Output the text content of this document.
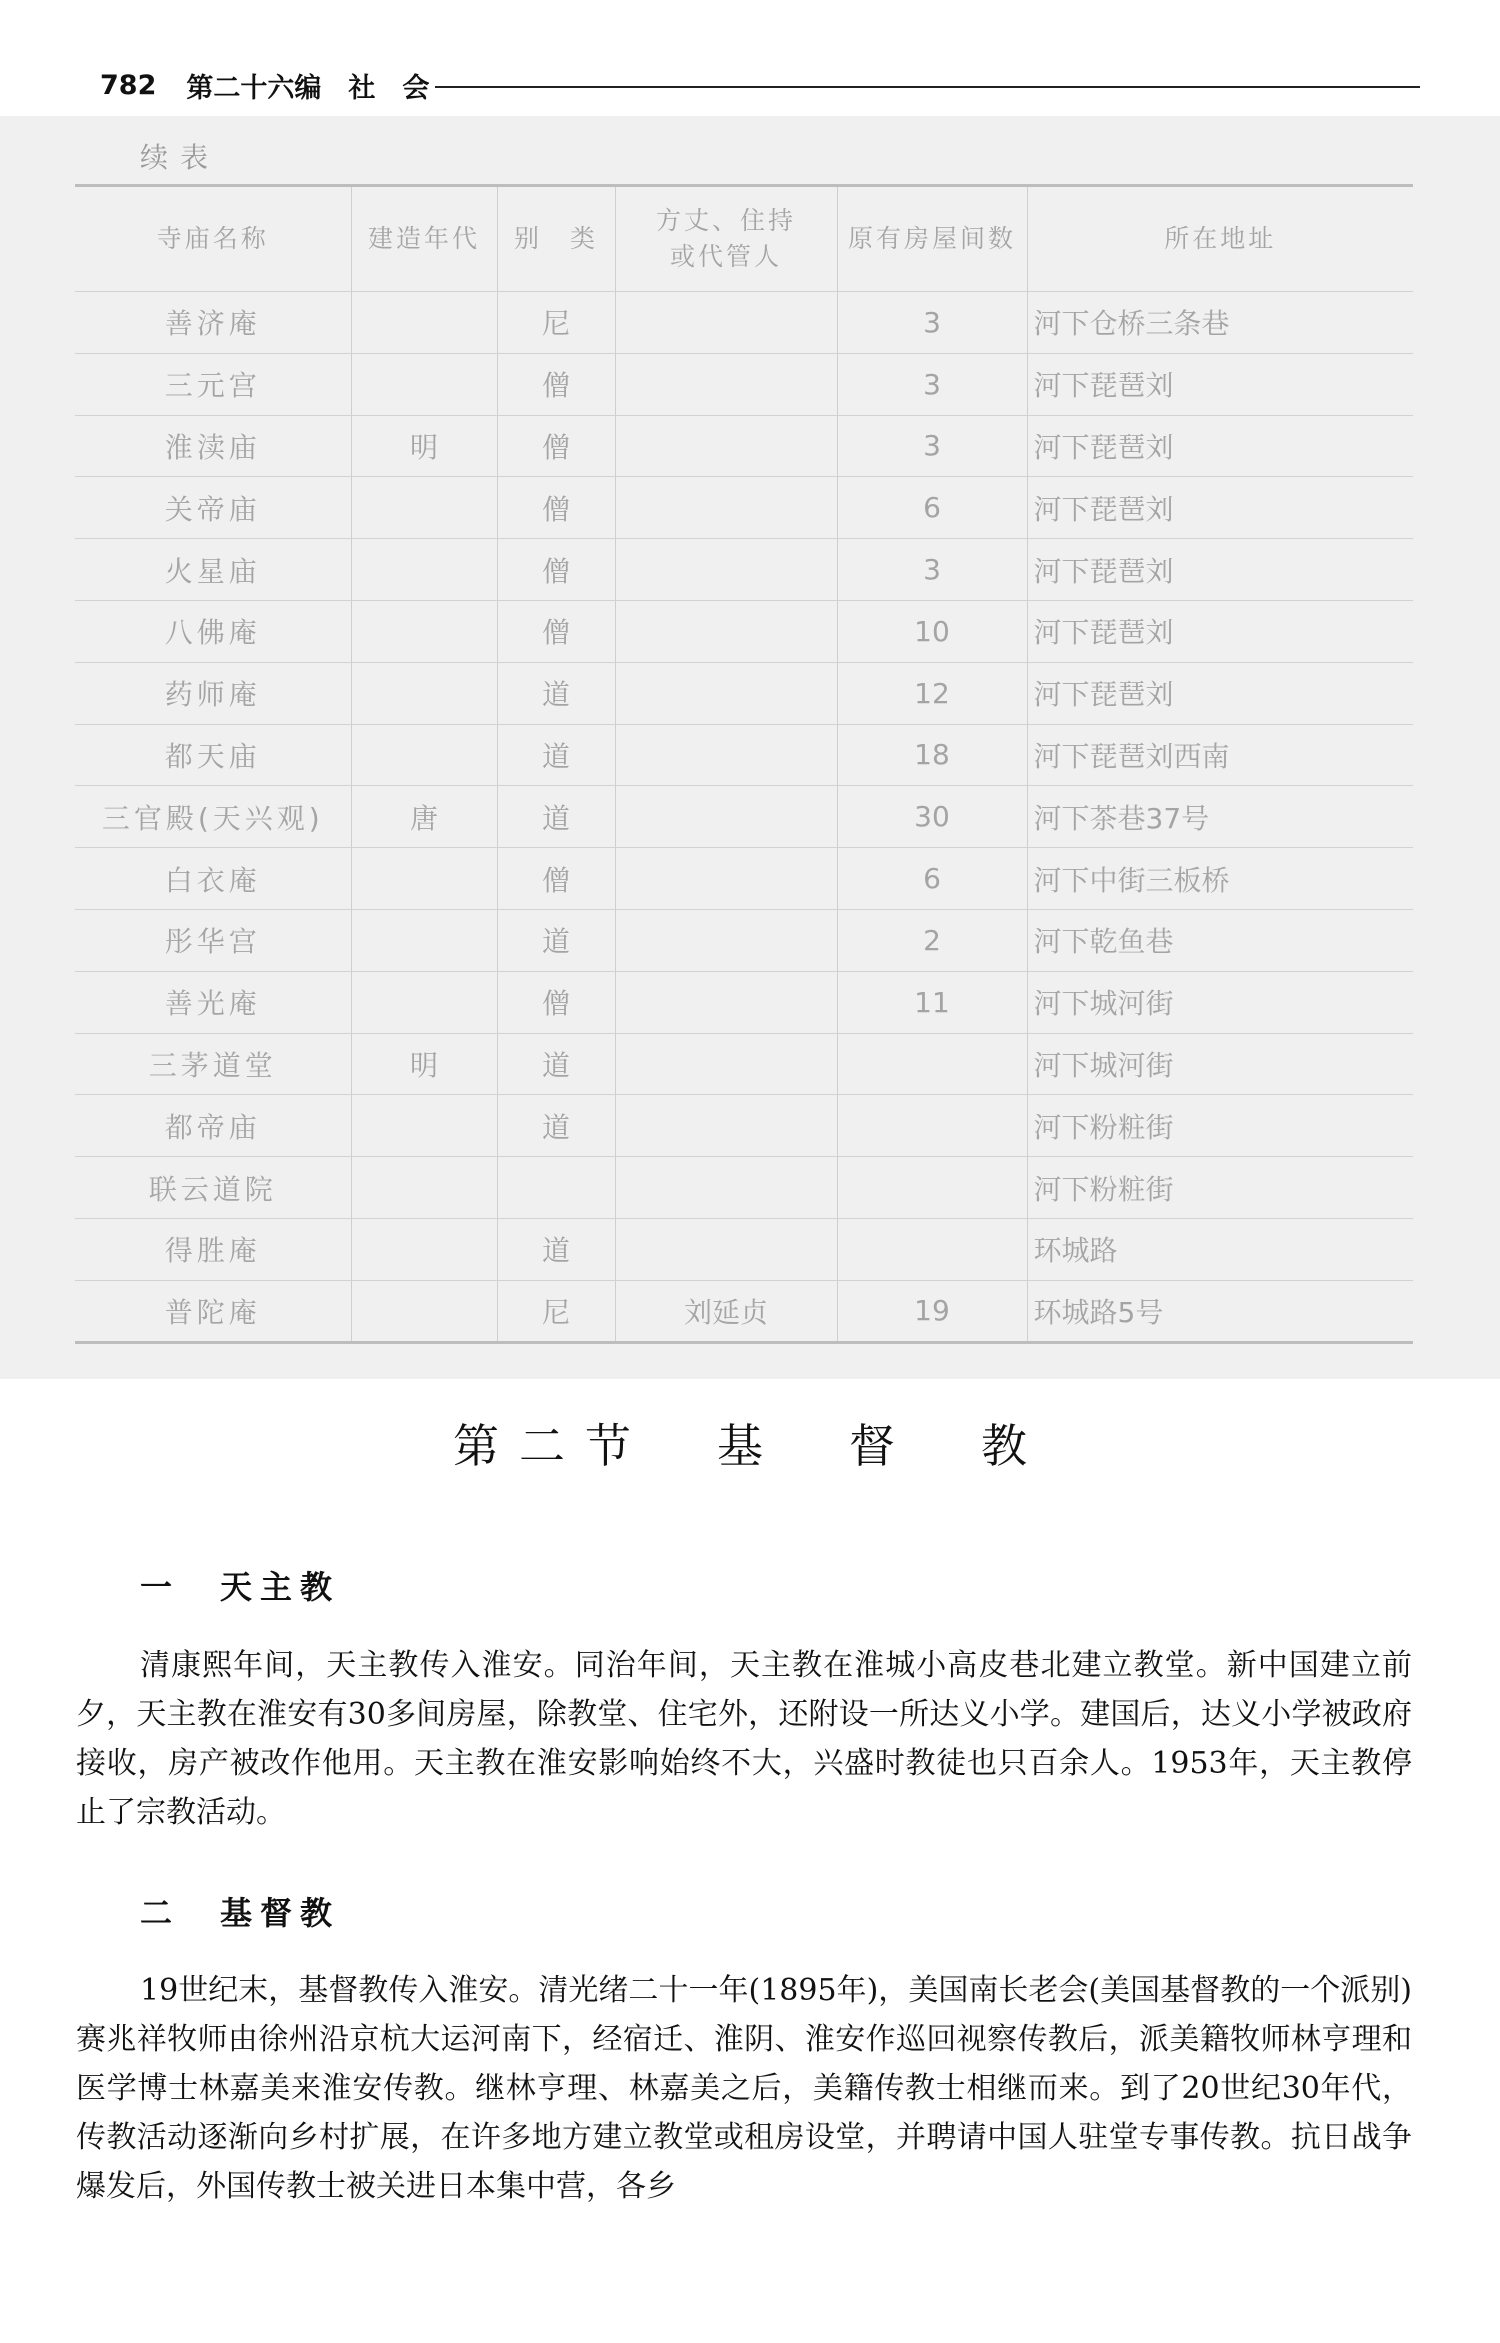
782 第二十六编　社　会
续表
寺庙名称	建造年代	别　类	方丈、住持
或代管人	原有房屋间数	所在地址
善济庵		尼		3	河下仓桥三条巷
三元宫		僧		3	河下琵琶刘
淮渎庙	明	僧		3	河下琵琶刘
关帝庙		僧		6	河下琵琶刘
火星庙		僧		3	河下琵琶刘
八佛庵		僧		10	河下琵琶刘
药师庵		道		12	河下琵琶刘
都天庙		道		18	河下琵琶刘西南
三官殿(天兴观)	唐	道		30	河下茶巷37号
白衣庵		僧		6	河下中街三板桥
彤华宫		道		2	河下乾鱼巷
善光庵		僧		11	河下城河街
三茅道堂	明	道			河下城河街
都帝庙		道			河下粉粧街
联云道院					河下粉粧街
得胜庵		道			环城路
普陀庵		尼	刘延贞	19	环城路5号
第二节　基　督　教
一　天主教
清康熙年间，天主教传入淮安。同治年间，天主教在淮城小高皮巷北建立教堂。新中国建立前夕，天主教在淮安有30多间房屋，除教堂、住宅外，还附设一所达义小学。建国后，达义小学被政府接收，房产被改作他用。天主教在淮安影响始终不大，兴盛时教徒也只百余人。1953年，天主教停止了宗教活动。
二　基督教
19世纪末，基督教传入淮安。清光绪二十一年(1895年)，美国南长老会(美国基督教的一个派别)赛兆祥牧师由徐州沿京杭大运河南下，经宿迁、淮阴、淮安作巡回视察传教后，派美籍牧师林亨理和医学博士林嘉美来淮安传教。继林亨理、林嘉美之后，美籍传教士相继而来。到了20世纪30年代，传教活动逐渐向乡村扩展，在许多地方建立教堂或租房设堂，并聘请中国人驻堂专事传教。抗日战争爆发后，外国传教士被关进日本集中营，各乡
